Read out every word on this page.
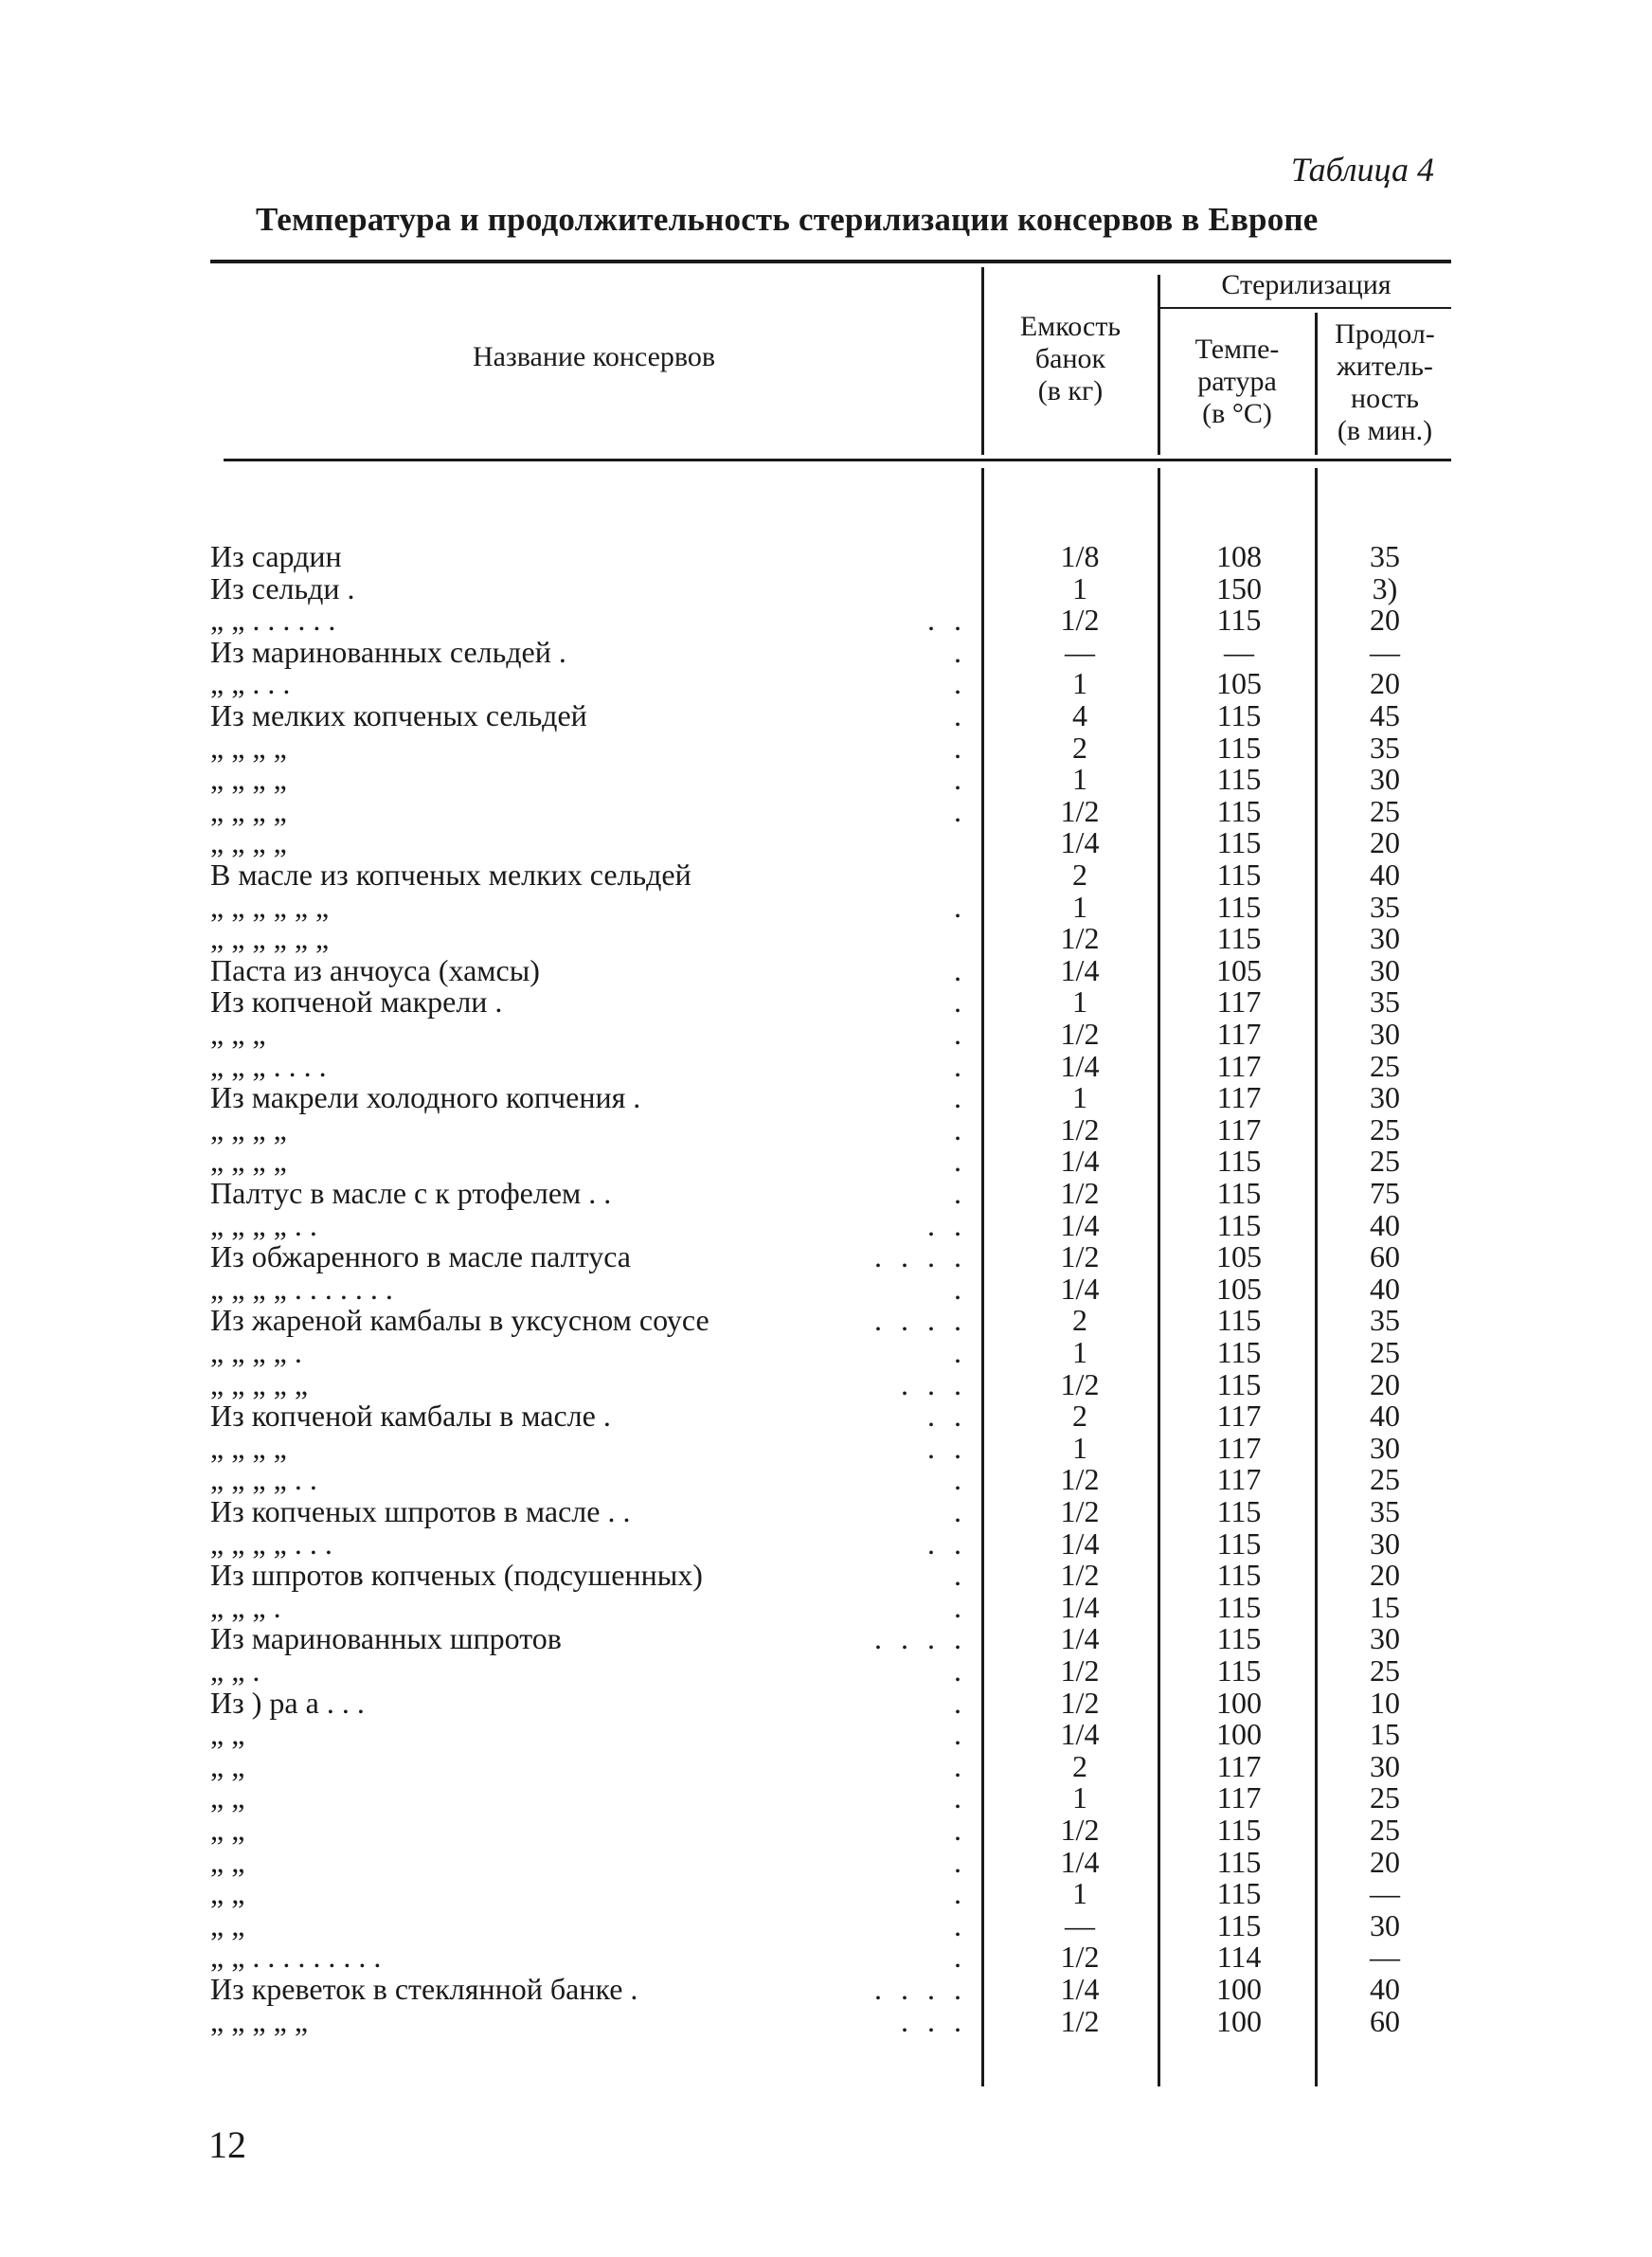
Таблица 4
Температура и продолжительность стерилизации консервов в Европе
Название консервов
Емкость
банок
(в кг)
Стерилизация
Темпе-
ратура
(в °С)
Продол-
житель-
ность
(в мин.)
Из сардин	1/8	108	35
Из сельди .	1	150	3)
„ „ . . . . . .	. .	1/2	115	20
Из маринованных сельдей .	.	—	—	—
„ „ . . .	.	1	105	20
Из мелких копченых сельдей	.	4	115	45
„ „ „ „	.	2	115	35
„ „ „ „	.	1	115	30
„ „ „ „	.	1/2	115	25
„ „ „ „	1/4	115	20
В масле из копченых мелких сельдей	2	115	40
„ „ „ „ „ „	.	1	115	35
„ „ „ „ „ „	1/2	115	30
Паста из анчоуса (хамсы)	.	1/4	105	30
Из копченой макрели .	.	1	117	35
„ „ „	.	1/2	117	30
„ „ „ . . . .	.	1/4	117	25
Из макрели холодного копчения .	.	1	117	30
„ „ „ „	.	1/2	117	25
„ „ „ „	.	1/4	115	25
Палтус в масле с к ртофелем . .	.	1/2	115	75
„ „ „ „ . .	. .	1/4	115	40
Из обжаренного в масле палтуса	. . . .	1/2	105	60
„ „ „ „ . . . . . . .	.	1/4	105	40
Из жареной камбалы в уксусном соусе	. . . .	2	115	35
„ „ „ „ .	.	1	115	25
„ „ „ „ „	. . .	1/2	115	20
Из копченой камбалы в масле .	. .	2	117	40
„ „ „ „	. .	1	117	30
„ „ „ „ . .	.	1/2	117	25
Из копченых шпротов в масле . .	.	1/2	115	35
„ „ „ „ . . .	. .	1/4	115	30
Из шпротов копченых (подсушенных)	.	1/2	115	20
„ „ „ .	.	1/4	115	15
Из маринованных шпротов	. . . .	1/4	115	30
„ „ .	.	1/2	115	25
Из ) ра а . . .	.	1/2	100	10
„ „	.	1/4	100	15
„ „	.	2	117	30
„ „	.	1	117	25
„ „	.	1/2	115	25
„ „	.	1/4	115	20
„ „	.	1	115	—
„ „	.	—	115	30
„ „ . . . . . . . . .	.	1/2	114	—
Из креветок в стеклянной банке .	. . . .	1/4	100	40
„ „ „ „ „	. . .	1/2	100	60
12
